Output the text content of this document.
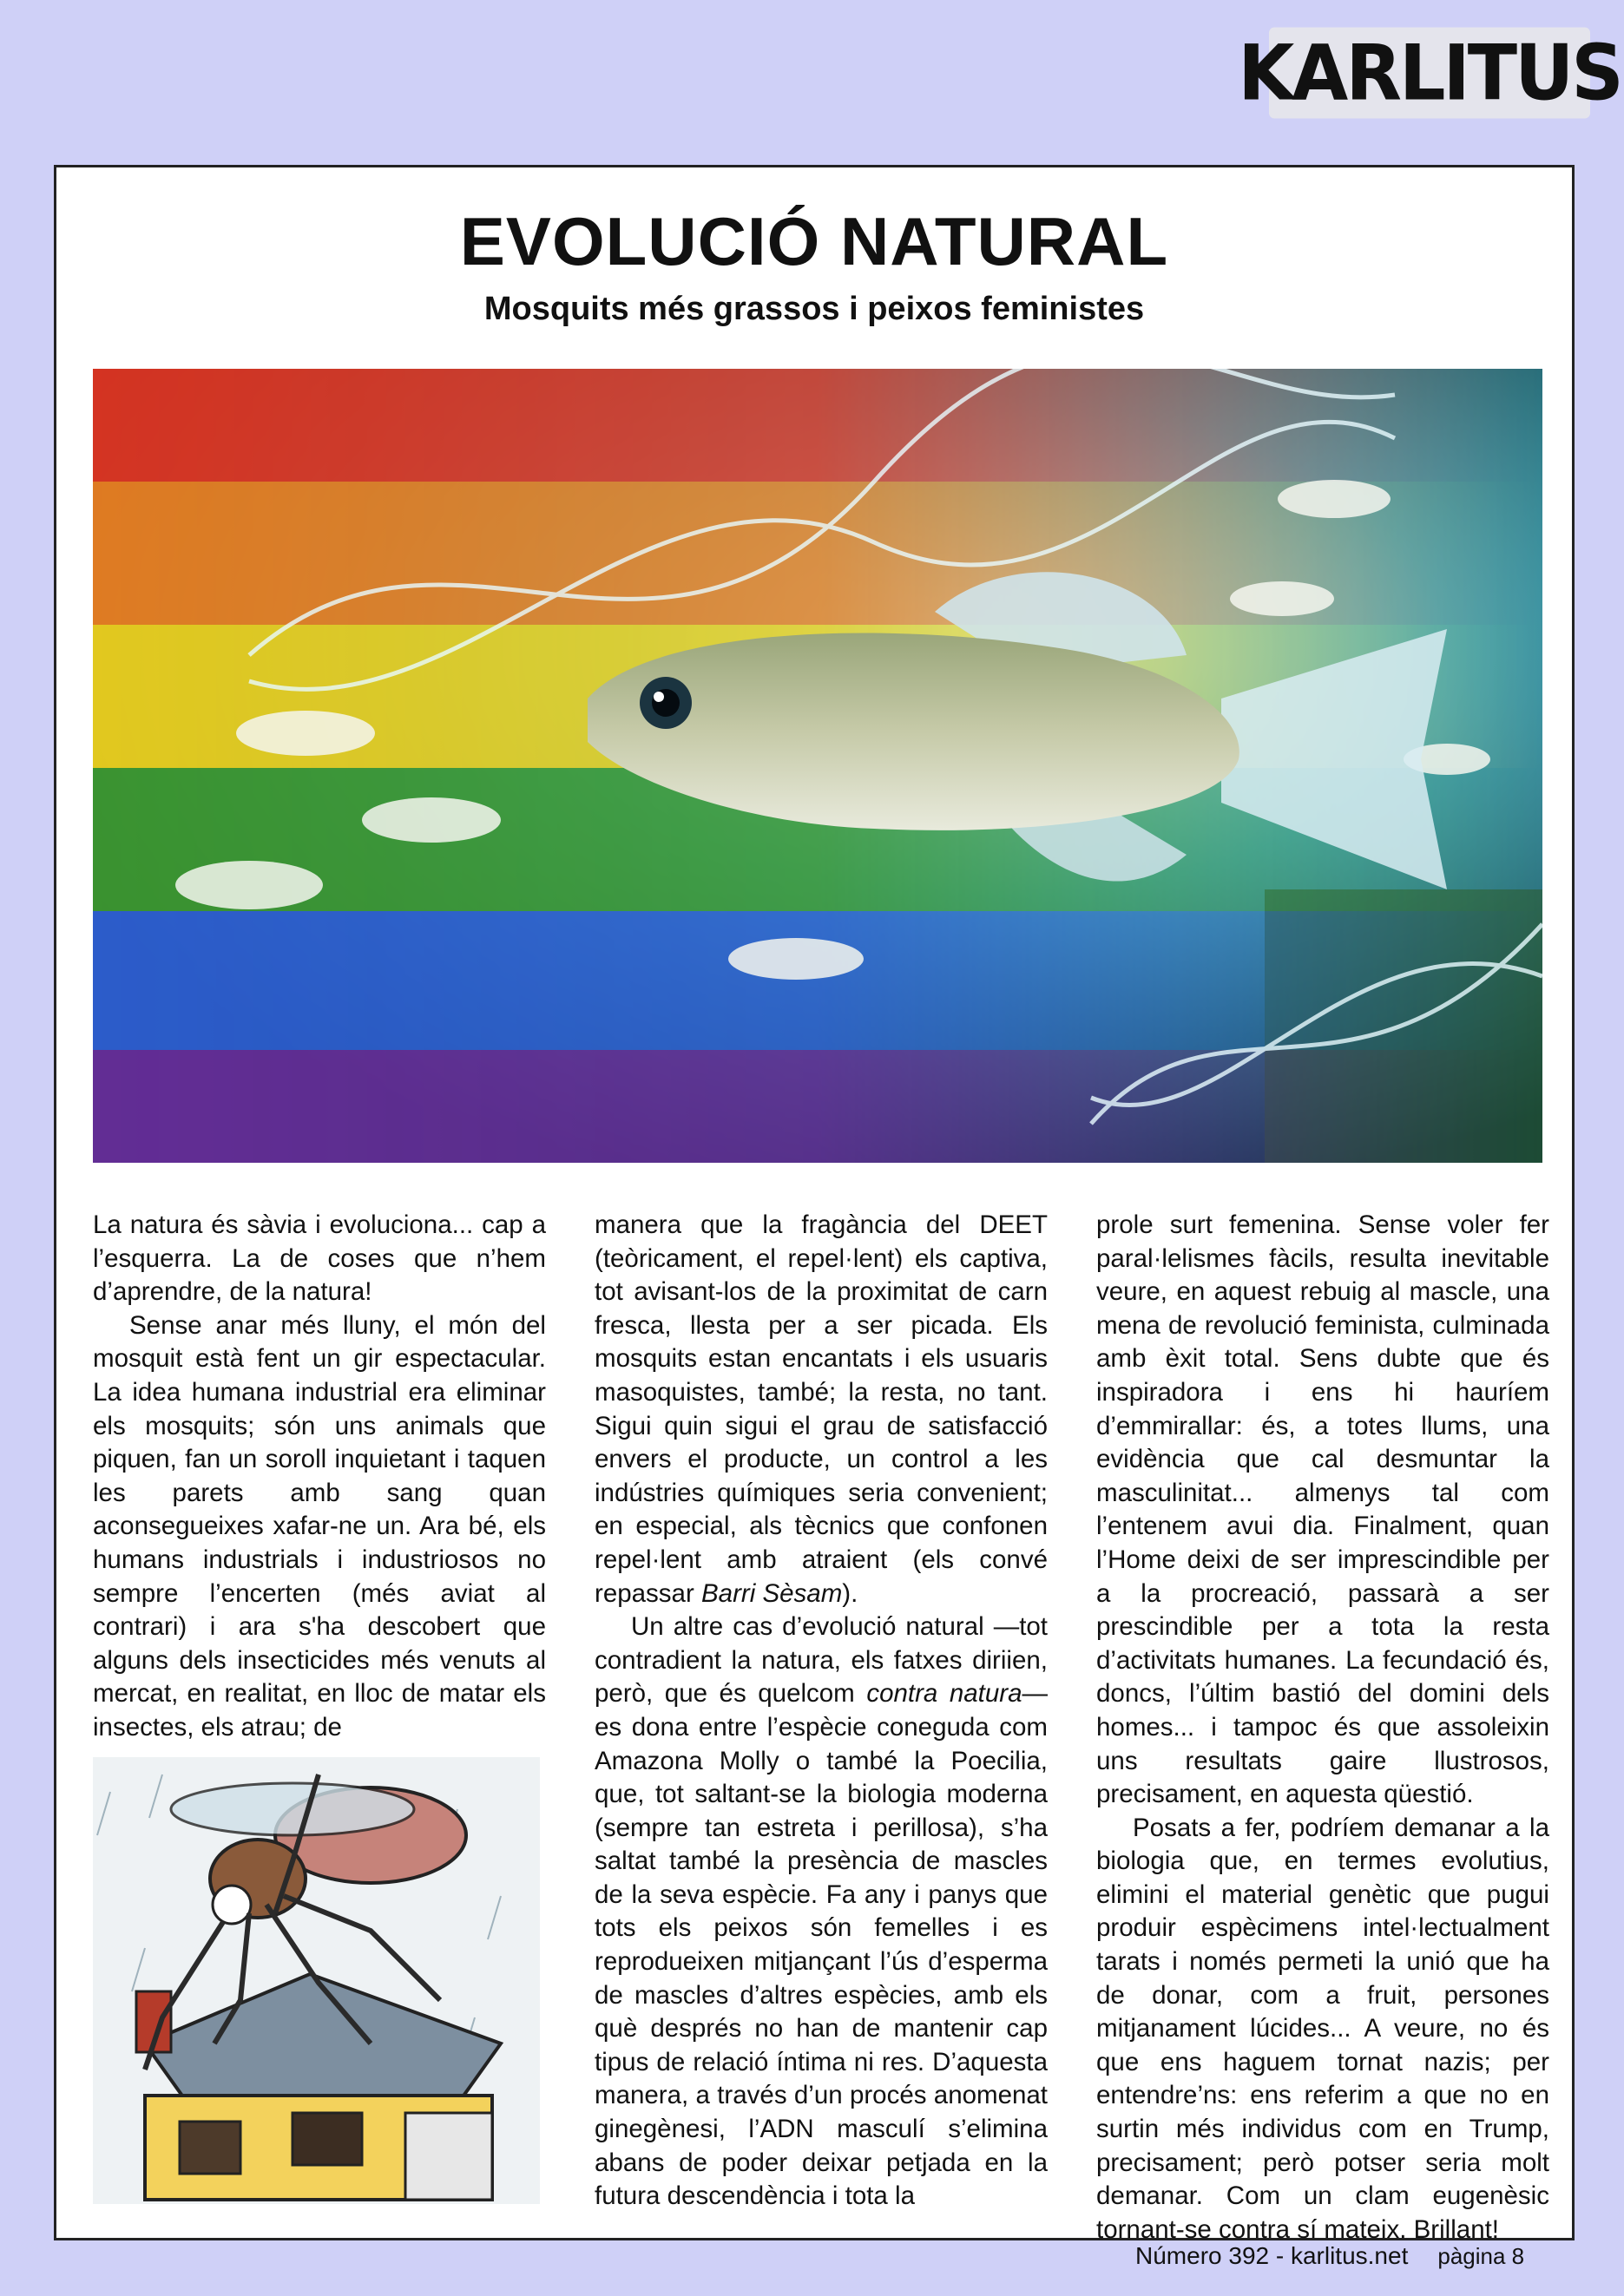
KARLITUS
EVOLUCIÓ NATURAL
Mosquits més grassos i peixos feministes

La natura és sàvia i evoluciona... cap a l’esquerra. La de coses que n’hem d’aprendre, de la natura!

Sense anar més lluny, el món del mosquit està fent un gir espectacular. La idea humana industrial era eliminar els mosquits; són uns animals que piquen, fan un soroll inquietant i taquen les parets amb sang quan aconsegueixes xafar-ne un. Ara bé, els humans industrials i industriosos no sempre l’encerten (més aviat al contrari) i ara s'ha descobert que alguns dels insecticides més venuts al mercat, en realitat, en lloc de matar els insectes, els atrau; de

manera que la fragància del DEET (teòricament, el repel·lent) els captiva, tot avisant-los de la proximitat de carn fresca, llesta per a ser picada. Els mosquits estan encantats i els usuaris masoquistes, també; la resta, no tant. Sigui quin sigui el grau de satisfacció envers el producte, un control a les indústries químiques seria convenient; en especial, als tècnics que confonen repel·lent amb atraient (els convé repassar Barri Sèsam).

Un altre cas d’evolució natural —tot contradient la natura, els fatxes diriien, però, que és quelcom contra natura— es dona entre l’espècie coneguda com Amazona Molly o també la Poecilia, que, tot saltant-se la biologia moderna (sempre tan estreta i perillosa), s’ha saltat també la presència de mascles de la seva espècie. Fa any i panys que tots els peixos són femelles i es reprodueixen mitjançant l’ús d’esperma de mascles d’altres espècies, amb els què després no han de mantenir cap tipus de relació íntima ni res. D’aquesta manera, a través d’un procés anomenat ginegènesi, l’ADN masculí s’elimina abans de poder deixar petjada en la futura descendència i tota la

prole surt femenina. Sense voler fer paral·lelismes fàcils, resulta inevitable veure, en aquest rebuig al mascle, una mena de revolució feminista, culminada amb èxit total. Sens dubte que és inspiradora i ens hi hauríem d’emmirallar: és, a totes llums, una evidència que cal desmuntar la masculinitat... almenys tal com l’entenem avui dia. Finalment, quan l’Home deixi de ser imprescindible per a la procreació, passarà a ser prescindible per a tota la resta d’activitats humanes. La fecundació és, doncs, l’últim bastió del domini dels homes... i tampoc és que assoleixin uns resultats gaire llustrosos, precisament, en aquesta qüestió.

Posats a fer, podríem demanar a la biologia que, en termes evolutius, elimini el material genètic que pugui produir espècimens intel·lectualment tarats i només permeti la unió que ha de donar, com a fruit, persones mitjanament lúcides... A veure, no és que ens haguem tornat nazis; per entendre’ns: ens referim a que no en surtin més individus com en Trump, precisament; però potser seria molt demanar. Com un clam eugenèsic tornant-se contra sí mateix. Brillant!

Número 392 - karlitus.net pàgina 8
